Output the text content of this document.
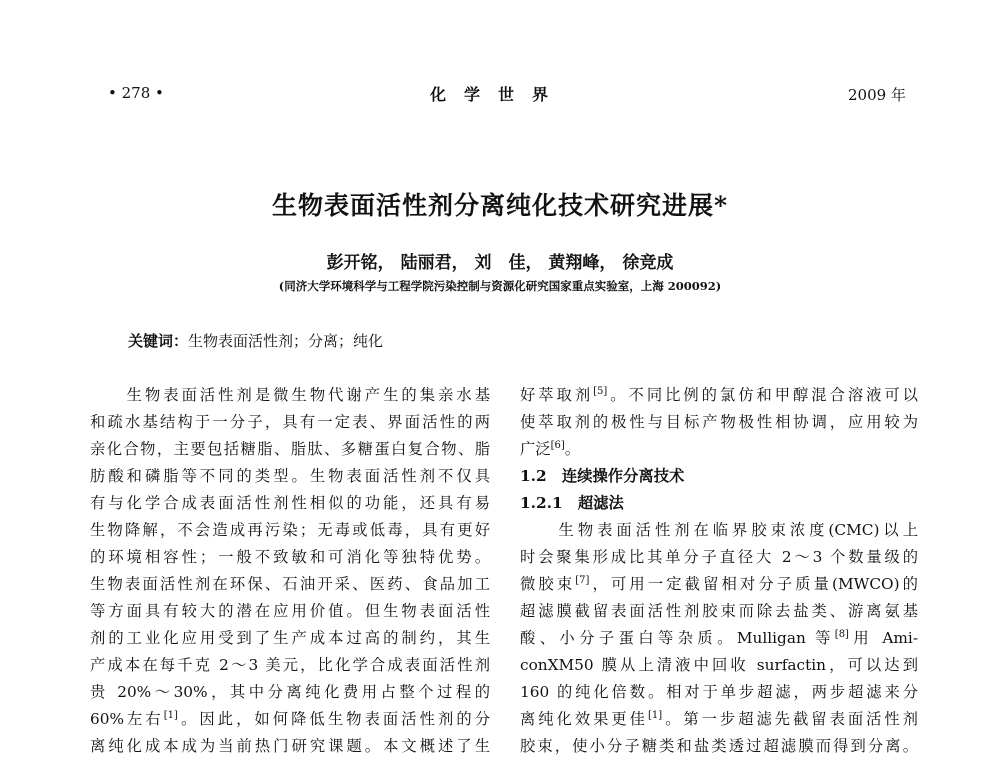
• 278 •	化学世界	2009 年
生物表面活性剂分离纯化技术研究进展*
彭开铭， 陆丽君， 刘　佳， 黄翔峰， 徐竞成
(同济大学环境科学与工程学院污染控制与资源化研究国家重点实验室，上海 200092)
关键词：生物表面活性剂；分离；纯化
　　生物表面活性剂是微生物代谢产生的集亲水基
和疏水基结构于一分子，具有一定表、界面活性的两
亲化合物，主要包括糖脂、脂肽、多糖蛋白复合物、脂
肪酸和磷脂等不同的类型。生物表面活性剂不仅具
有与化学合成表面活性剂性相似的功能，还具有易
生物降解，不会造成再污染；无毒或低毒，具有更好
的环境相容性；一般不致敏和可消化等独特优势。
生物表面活性剂在环保、石油开采、医药、食品加工
等方面具有较大的潜在应用价值。但生物表面活性
剂的工业化应用受到了生产成本过高的制约，其生
产成本在每千克 2～3 美元，比化学合成表面活性剂
贵 20%～30%，其中分离纯化费用占整个过程的
60%左右[1]。因此，如何降低生物表面活性剂的分
离纯化成本成为当前热门研究课题。本文概述了生
好萃取剂[5]。不同比例的氯仿和甲醇混合溶液可以
使萃取剂的极性与目标产物极性相协调，应用较为
广泛[6]。
1.2　连续操作分离技术
1.2.1　超滤法
　　生物表面活性剂在临界胶束浓度(CMC)以上
时会聚集形成比其单分子直径大 2～3 个数量级的
微胶束[7]，可用一定截留相对分子质量(MWCO)的
超滤膜截留表面活性剂胶束而除去盐类、游离氨基
酸、小分子蛋白等杂质。Mulligan 等[8]用 Ami-
conXM50 膜从上清液中回收 surfactin，可以达到
160 的纯化倍数。相对于单步超滤，两步超滤来分
离纯化效果更佳[1]。第一步超滤先截留表面活性剂
胶束，使小分子糖类和盐类透过超滤膜而得到分离。
